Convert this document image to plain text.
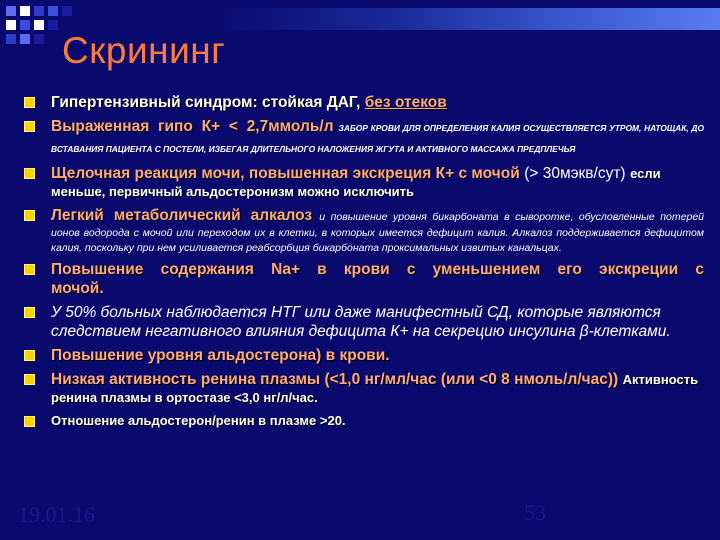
Скрининг
Гипертензивный синдром: стойкая ДАГ, без отеков
Выраженная гипо К+ < 2,7ммоль/л ЗАБОР КРОВИ ДЛЯ ОПРЕДЕЛЕНИЯ КАЛИЯ ОСУЩЕСТВЛЯЕТСЯ УТРОМ, НАТОЩАК, ДО ВСТАВАНИЯ ПАЦИЕНТА С ПОСТЕЛИ, ИЗБЕГАЯ ДЛИТЕЛЬНОГО НАЛОЖЕНИЯ ЖГУТА И АКТИВНОГО МАССАЖА ПРЕДПЛЕЧЬЯ
Щелочная реакция мочи, повышенная экскреция К+ с мочой (> 30мэкв/сут) если меньше, первичный альдостеронизм можно исключить
Легкий метаболический алкалоз и повышение уровня бикарбоната в сыворотке, обусловленные потерей ионов водорода с мочой или переходом их в клетки, в которых имеется дефицит калия. Алкалоз поддерживается дефицитом калия, поскольку при нем усиливается реабсорбция бикарбоната проксимальных извитых канальцах.
Повышение содержания Na+ в крови с уменьшением его экскреции с мочой.
У 50% больных наблюдается НТГ или даже манифестный СД, которые являются следствием негативного влияния дефицита К+ на секрецию инсулина β-клетками.
Повышение уровня альдостерона) в крови.
Низкая активность ренина плазмы (<1,0 нг/мл/час (или <0 8 нмоль/л/час)) Активность ренина плазмы в ортостазе <3,0 нг/л/час.
Отношение альдостерон/ренин в плазме >20.
19.01.16	53
